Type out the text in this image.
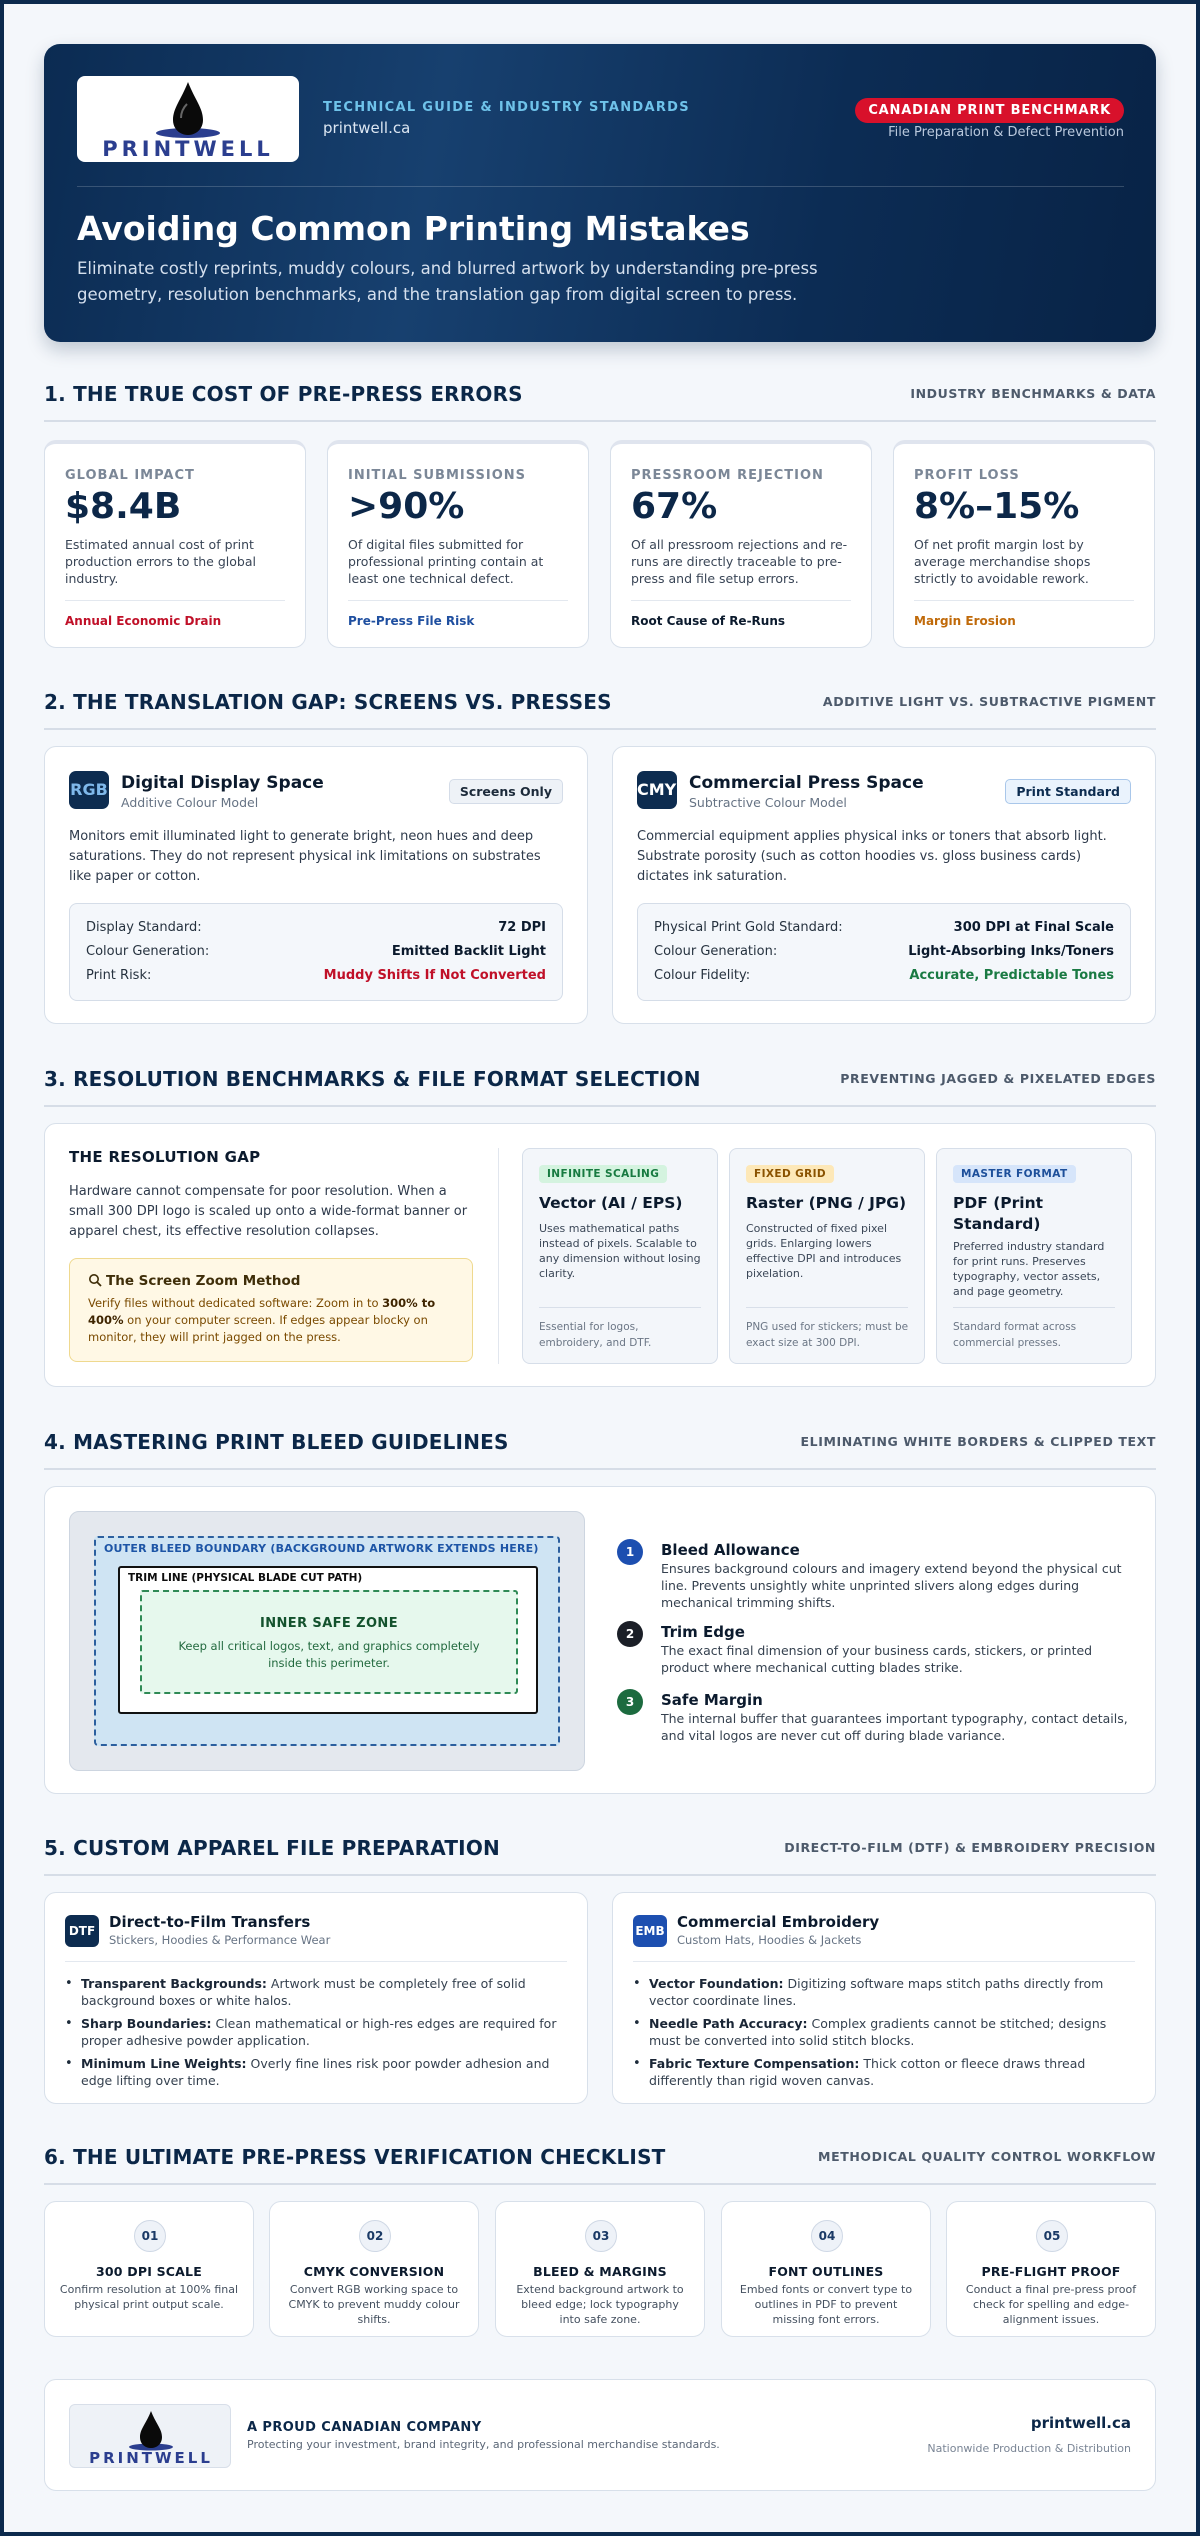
PRINTWELL
TECHNICAL GUIDE & INDUSTRY STANDARDS
printwell.ca
CANADIAN PRINT BENCHMARK
File Preparation & Defect Prevention
Avoiding Common Printing Mistakes
Eliminate costly reprints, muddy colours, and blurred artwork by understanding pre-press geometry, resolution benchmarks, and the translation gap from digital screen to press.
1. THE TRUE COST OF PRE-PRESS ERRORS	INDUSTRY BENCHMARKS & DATA
GLOBAL IMPACT
$8.4B
Estimated annual cost of print production errors to the global industry.
Annual Economic Drain
INITIAL SUBMISSIONS
>90%
Of digital files submitted for professional printing contain at least one technical defect.
Pre-Press File Risk
PRESSROOM REJECTION
67%
Of all pressroom rejections and re-runs are directly traceable to pre-press and file setup errors.
Root Cause of Re-Runs
PROFIT LOSS
8%–15%
Of net profit margin lost by average merchandise shops strictly to avoidable rework.
Margin Erosion
2. THE TRANSLATION GAP: SCREENS VS. PRESSES	ADDITIVE LIGHT VS. SUBTRACTIVE PIGMENT
RGB Digital Display Space
Additive Colour Model
Screens Only
Monitors emit illuminated light to generate bright, neon hues and deep saturations. They do not represent physical ink limitations on substrates like paper or cotton.
Display Standard:	72 DPI
Colour Generation:	Emitted Backlit Light
Print Risk:	Muddy Shifts If Not Converted
CMYK Commercial Press Space
Subtractive Colour Model
Print Standard
Commercial equipment applies physical inks or toners that absorb light. Substrate porosity (such as cotton hoodies vs. gloss business cards) dictates ink saturation.
Physical Print Gold Standard:	300 DPI at Final Scale
Colour Generation:	Light-Absorbing Inks/Toners
Colour Fidelity:	Accurate, Predictable Tones
3. RESOLUTION BENCHMARKS & FILE FORMAT SELECTION	PREVENTING JAGGED & PIXELATED EDGES
THE RESOLUTION GAP
Hardware cannot compensate for poor resolution. When a small 300 DPI logo is scaled up onto a wide-format banner or apparel chest, its effective resolution collapses.
The Screen Zoom Method
Verify files without dedicated software: Zoom in to 300% to 400% on your computer screen. If edges appear blocky on monitor, they will print jagged on the press.
INFINITE SCALING
Vector (AI / EPS)
Uses mathematical paths instead of pixels. Scalable to any dimension without losing clarity.
Essential for logos, embroidery, and DTF.
FIXED GRID
Raster (PNG / JPG)
Constructed of fixed pixel grids. Enlarging lowers effective DPI and introduces pixelation.
PNG used for stickers; must be exact size at 300 DPI.
MASTER FORMAT
PDF (Print Standard)
Preferred industry standard for print runs. Preserves typography, vector assets, and page geometry.
Standard format across commercial presses.
4. MASTERING PRINT BLEED GUIDELINES	ELIMINATING WHITE BORDERS & CLIPPED TEXT
OUTER BLEED BOUNDARY (BACKGROUND ARTWORK EXTENDS HERE)
TRIM LINE (PHYSICAL BLADE CUT PATH)
INNER SAFE ZONE
Keep all critical logos, text, and graphics completely inside this perimeter.
1	Bleed Allowance
Ensures background colours and imagery extend beyond the physical cut line. Prevents unsightly white unprinted slivers along edges during mechanical trimming shifts.
2	Trim Edge
The exact final dimension of your business cards, stickers, or printed product where mechanical cutting blades strike.
3	Safe Margin
The internal buffer that guarantees important typography, contact details, and vital logos are never cut off during blade variance.
5. CUSTOM APPAREL FILE PREPARATION	DIRECT-TO-FILM (DTF) & EMBROIDERY PRECISION
DTF Direct-to-Film Transfers
Stickers, Hoodies & Performance Wear
• Transparent Backgrounds: Artwork must be completely free of solid background boxes or white halos.
• Sharp Boundaries: Clean mathematical or high-res edges are required for proper adhesive powder application.
• Minimum Line Weights: Overly fine lines risk poor powder adhesion and edge lifting over time.
EMB Commercial Embroidery
Custom Hats, Hoodies & Jackets
• Vector Foundation: Digitizing software maps stitch paths directly from vector coordinate lines.
• Needle Path Accuracy: Complex gradients cannot be stitched; designs must be converted into solid stitch blocks.
• Fabric Texture Compensation: Thick cotton or fleece draws thread differently than rigid woven canvas.
6. THE ULTIMATE PRE-PRESS VERIFICATION CHECKLIST	METHODICAL QUALITY CONTROL WORKFLOW
01
300 DPI SCALE
Confirm resolution at 100% final physical print output scale.
02
CMYK CONVERSION
Convert RGB working space to CMYK to prevent muddy colour shifts.
03
BLEED & MARGINS
Extend background artwork to bleed edge; lock typography into safe zone.
04
FONT OUTLINES
Embed fonts or convert type to outlines in PDF to prevent missing font errors.
05
PRE-FLIGHT PROOF
Conduct a final pre-press proof check for spelling and edge-alignment issues.
PRINTWELL
A PROUD CANADIAN COMPANY
Protecting your investment, brand integrity, and professional merchandise standards.
printwell.ca
Nationwide Production & Distribution
